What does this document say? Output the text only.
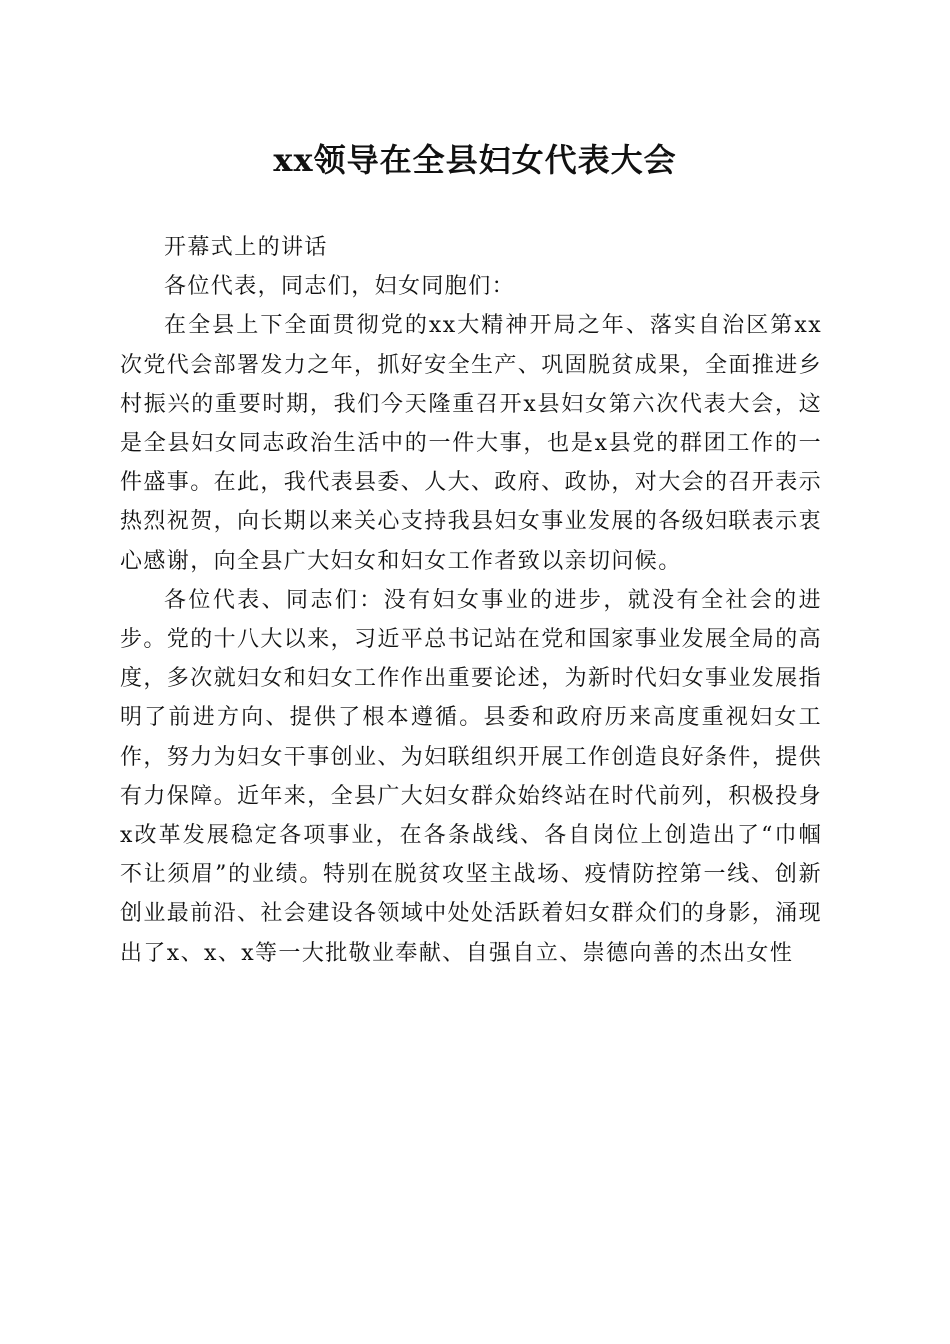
xx领导在全县妇女代表大会

开幕式上的讲话

各位代表，同志们，妇女同胞们：

在全县上下全面贯彻党的xx大精神开局之年、落实自治区第xx次党代会部署发力之年，抓好安全生产、巩固脱贫成果，全面推进乡村振兴的重要时期，我们今天隆重召开x县妇女第六次代表大会，这是全县妇女同志政治生活中的一件大事，也是x县党的群团工作的一件盛事。在此，我代表县委、人大、政府、政协，对大会的召开表示热烈祝贺，向长期以来关心支持我县妇女事业发展的各级妇联表示衷心感谢，向全县广大妇女和妇女工作者致以亲切问候。

各位代表、同志们：没有妇女事业的进步，就没有全社会的进步。党的十八大以来，习近平总书记站在党和国家事业发展全局的高度，多次就妇女和妇女工作作出重要论述，为新时代妇女事业发展指明了前进方向、提供了根本遵循。县委和政府历来高度重视妇女工作，努力为妇女干事创业、为妇联组织开展工作创造良好条件，提供有力保障。近年来，全县广大妇女群众始终站在时代前列，积极投身x改革发展稳定各项事业，在各条战线、各自岗位上创造出了“巾帼不让须眉”的业绩。特别在脱贫攻坚主战场、疫情防控第一线、创新创业最前沿、社会建设各领域中处处活跃着妇女群众们的身影，涌现出了x、x、x等一大批敬业奉献、自强自立、崇德向善的杰出女性
